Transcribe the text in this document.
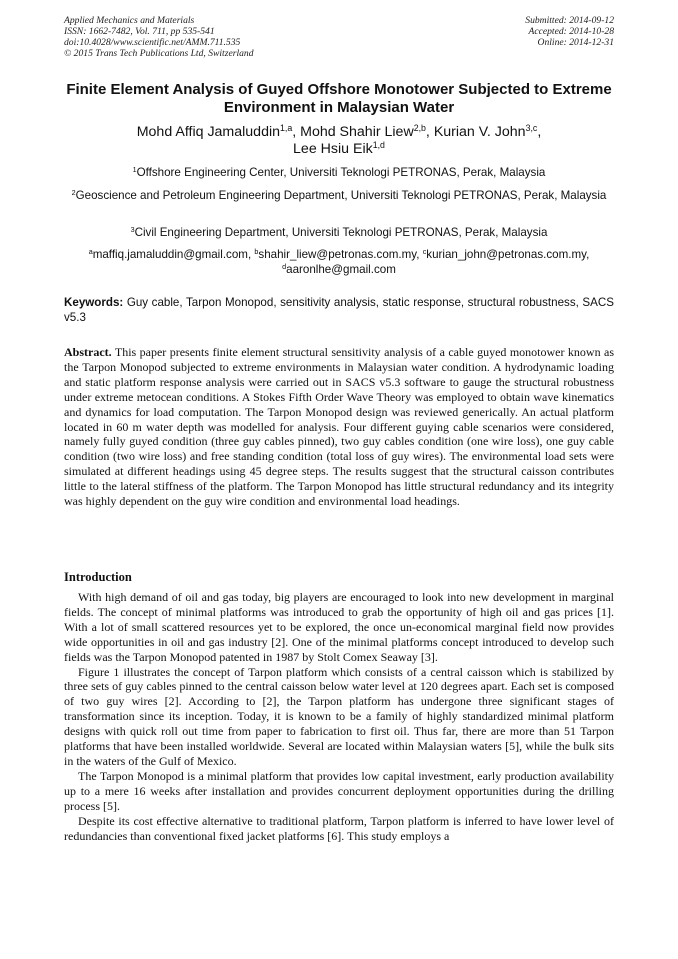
Applied Mechanics and Materials
ISSN: 1662-7482, Vol. 711, pp 535-541
doi:10.4028/www.scientific.net/AMM.711.535
© 2015 Trans Tech Publications Ltd, Switzerland
Submitted: 2014-09-12
Accepted: 2014-10-28
Online: 2014-12-31
Finite Element Analysis of Guyed Offshore Monotower Subjected to Extreme Environment in Malaysian Water
Mohd Affiq Jamaluddin$^{1,a}$, Mohd Shahir Liew$^{2,b}$, Kurian V. John$^{3,c}$,
Lee Hsiu Eik$^{1,d}$
$^1$Offshore Engineering Center, Universiti Teknologi PETRONAS, Perak, Malaysia
$^2$Geoscience and Petroleum Engineering Department, Universiti Teknologi PETRONAS, Perak, Malaysia
$^3$Civil Engineering Department, Universiti Teknologi PETRONAS, Perak, Malaysia
$^a$maffiq.jamaluddin@gmail.com, $^b$shahir_liew@petronas.com.my, $^c$kurian_john@petronas.com.my,
$^d$aaronlhe@gmail.com
Keywords: Guy cable, Tarpon Monopod, sensitivity analysis, static response, structural robustness, SACS v5.3
Abstract. This paper presents finite element structural sensitivity analysis of a cable guyed monotower known as the Tarpon Monopod subjected to extreme environments in Malaysian water condition. A hydrodynamic loading and static platform response analysis were carried out in SACS v5.3 software to gauge the structural robustness under extreme metocean conditions. A Stokes Fifth Order Wave Theory was employed to obtain wave kinematics and dynamics for load computation. The Tarpon Monopod design was reviewed generically. An actual platform located in 60 m water depth was modelled for analysis. Four different guying cable scenarios were considered, namely fully guyed condition (three guy cables pinned), two guy cables condition (one wire loss), one guy cable condition (two wire loss) and free standing condition (total loss of guy wires). The environmental load sets were simulated at different headings using 45 degree steps. The results suggest that the structural caisson contributes little to the lateral stiffness of the platform. The Tarpon Monopod has little structural redundancy and its integrity was highly dependent on the guy wire condition and environmental load headings.
Introduction

With high demand of oil and gas today, big players are encouraged to look into new development in marginal fields. The concept of minimal platforms was introduced to grab the opportunity of high oil and gas prices [1]. With a lot of small scattered resources yet to be explored, the once un-economical marginal field now provides wide opportunities in oil and gas industry [2]. One of the minimal platforms concept introduced to develop such fields was the Tarpon Monopod patented in 1987 by Stolt Comex Seaway [3].

Figure 1 illustrates the concept of Tarpon platform which consists of a central caisson which is stabilized by three sets of guy cables pinned to the central caisson below water level at 120 degrees apart. Each set is composed of two guy wires [2]. According to [2], the Tarpon platform has undergone three significant stages of transformation since its inception. Today, it is known to be a family of highly standardized minimal platform designs with quick roll out time from paper to fabrication to first oil. Thus far, there are more than 51 Tarpon platforms that have been installed worldwide. Several are located within Malaysian waters [5], while the bulk sits in the waters of the Gulf of Mexico.

The Tarpon Monopod is a minimal platform that provides low capital investment, early production availability up to a mere 16 weeks after installation and provides concurrent deployment opportunities during the drilling process [5].

Despite its cost effective alternative to traditional platform, Tarpon platform is inferred to have lower level of redundancies than conventional fixed jacket platforms [6]. This study employs a
